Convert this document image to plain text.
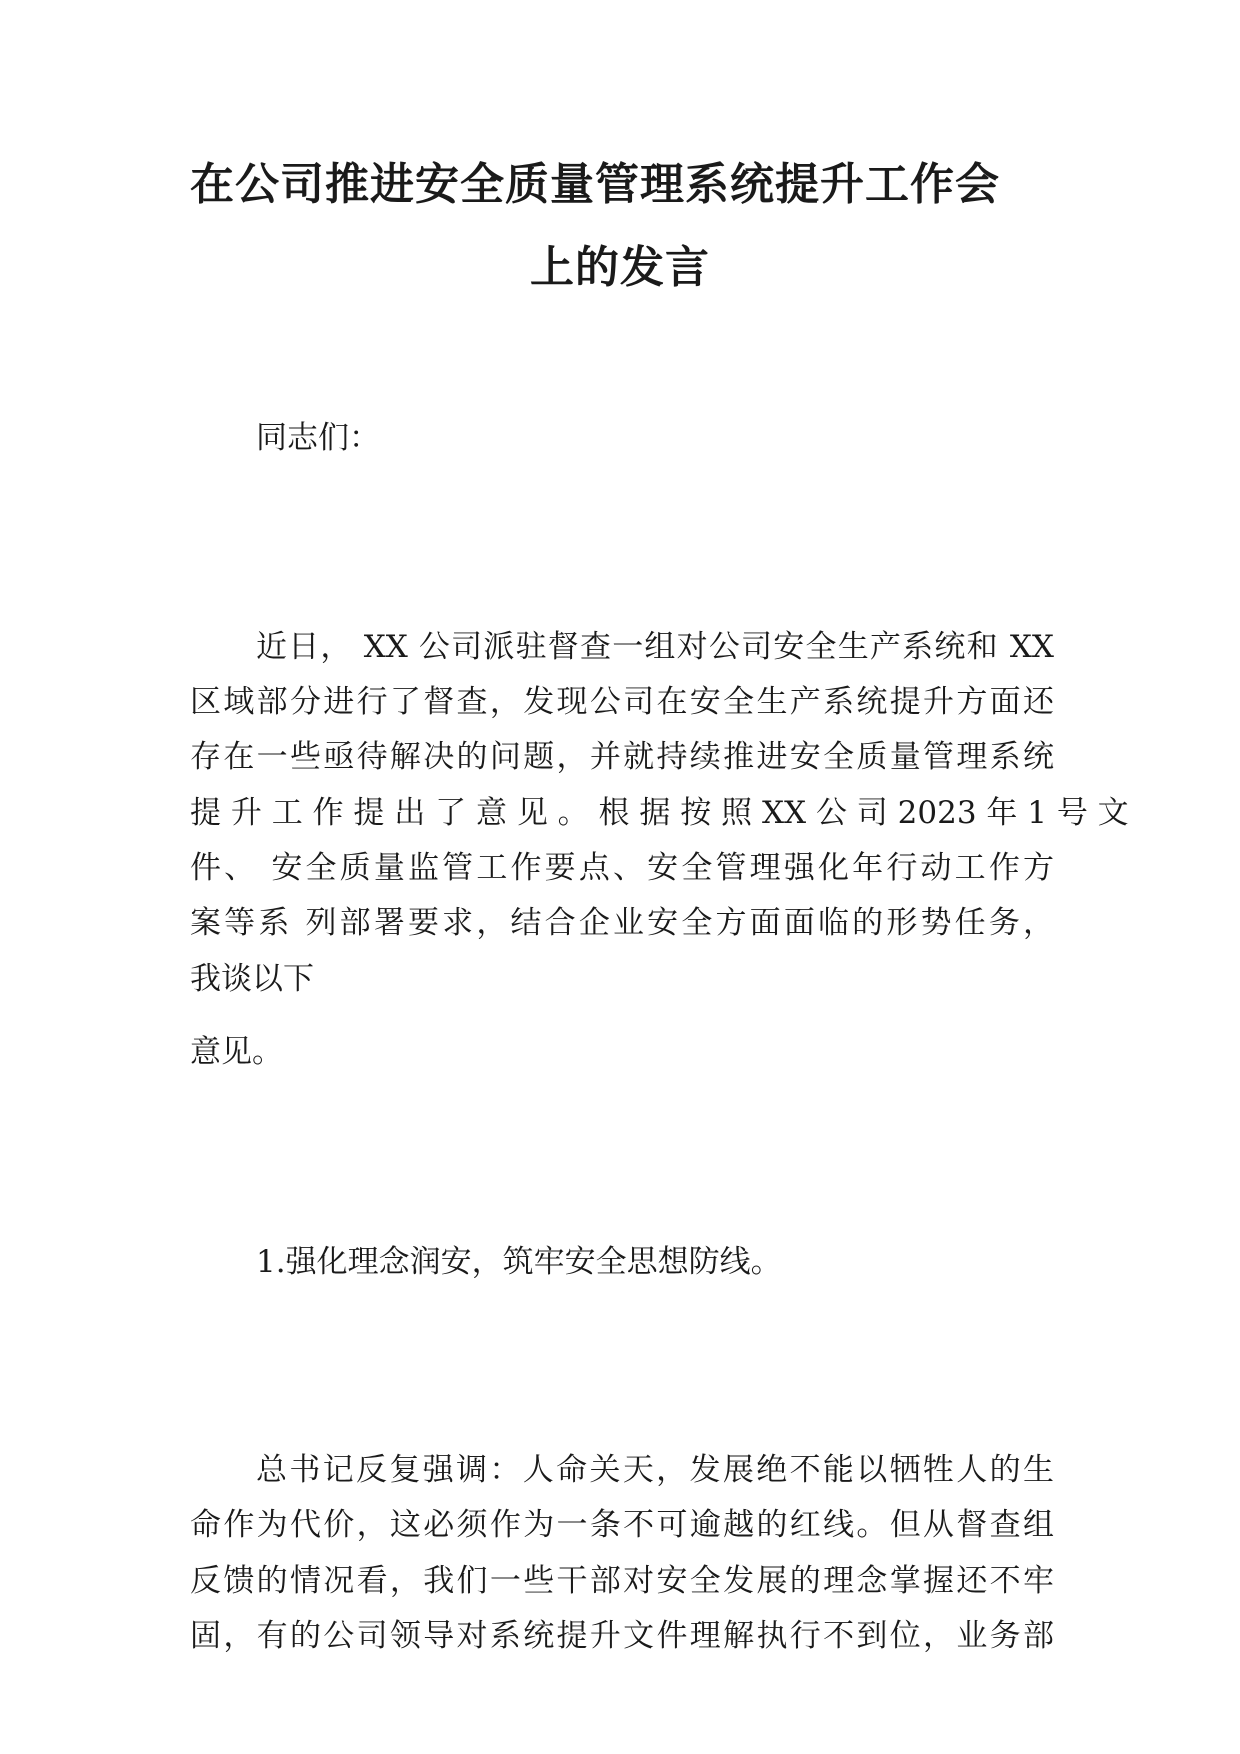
在公司推进安全质量管理系统提升工作会
上的发言
同志们：
近日， XX 公司派驻督查一组对公司安全生产系统和 XX
区域部分进行了督查，发现公司在安全生产系统提升方面还
存在一些亟待解决的问题，并就持续推进安全质量管理系统
提 升 工 作 提 出 了 意 见 。 根 据 按 照 XX 公 司 2023 年 1 号 文
件、 安全质量监管工作要点、安全管理强化年行动工作方
案等系 列部署要求，结合企业安全方面面临的形势任务，
我谈以下
意见。
1.强化理念润安，筑牢安全思想防线。
总书记反复强调：人命关天，发展绝不能以牺牲人的生
命作为代价，这必须作为一条不可逾越的红线。但从督查组
反馈的情况看，我们一些干部对安全发展的理念掌握还不牢
固，有的公司领导对系统提升文件理解执行不到位，业务部
